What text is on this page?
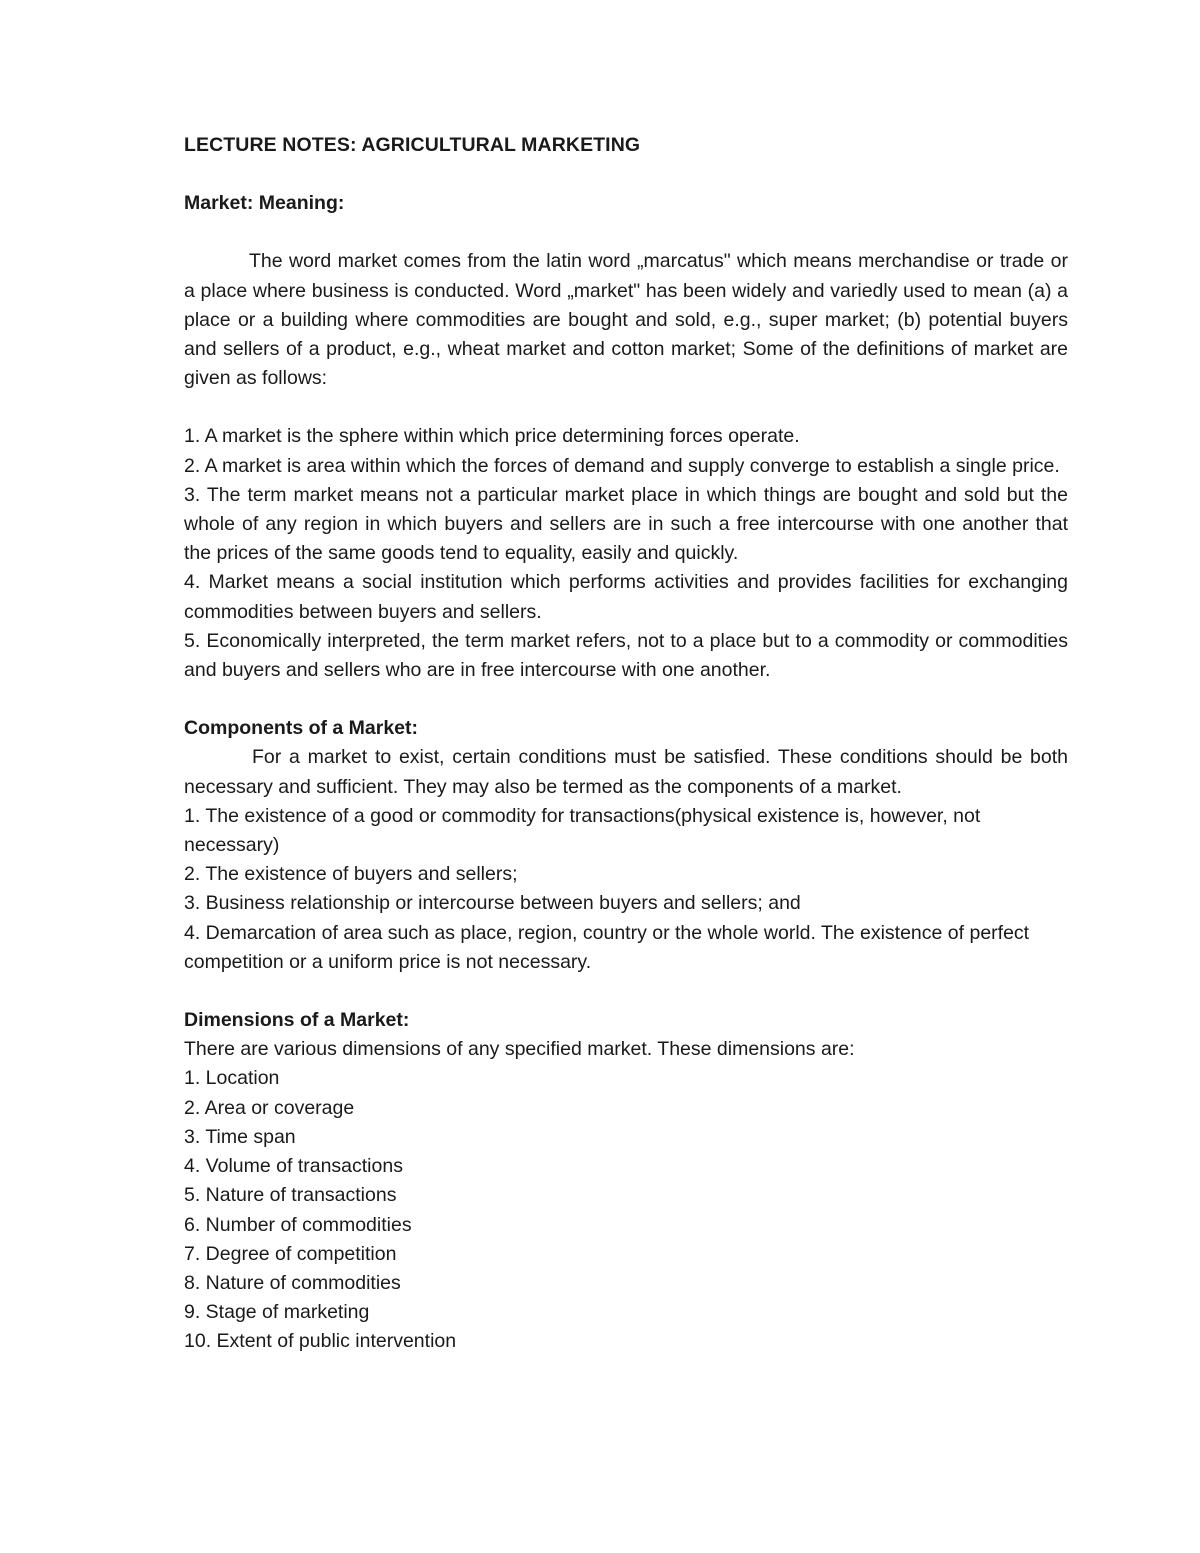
LECTURE NOTES: AGRICULTURAL MARKETING
Market: Meaning:

The word market comes from the latin word „marcatus" which means merchandise or trade or a place where business is conducted. Word „market" has been widely and variedly used to mean (a) a place or a building where commodities are bought and sold, e.g., super market; (b) potential buyers and sellers of a product, e.g., wheat market and cotton market; Some of the definitions of market are given as follows:

1. A market is the sphere within which price determining forces operate.

2. A market is area within which the forces of demand and supply converge to establish a single price.

3. The term market means not a particular market place in which things are bought and sold but the whole of any region in which buyers and sellers are in such a free intercourse with one another that the prices of the same goods tend to equality, easily and quickly.

4. Market means a social institution which performs activities and provides facilities for exchanging commodities between buyers and sellers.

5. Economically interpreted, the term market refers, not to a place but to a commodity or commodities and buyers and sellers who are in free intercourse with one another.

Components of a Market:

For a market to exist, certain conditions must be satisfied. These conditions should be both necessary and sufficient. They may also be termed as the components of a market.

1. The existence of a good or commodity for transactions(physical existence is, however, not necessary)

2. The existence of buyers and sellers;

3. Business relationship or intercourse between buyers and sellers; and

4. Demarcation of area such as place, region, country or the whole world. The existence of perfect competition or a uniform price is not necessary.

Dimensions of a Market:

There are various dimensions of any specified market. These dimensions are:

1. Location

2. Area or coverage

3. Time span

4. Volume of transactions

5. Nature of transactions

6. Number of commodities

7. Degree of competition

8. Nature of commodities

9. Stage of marketing

10. Extent of public intervention
